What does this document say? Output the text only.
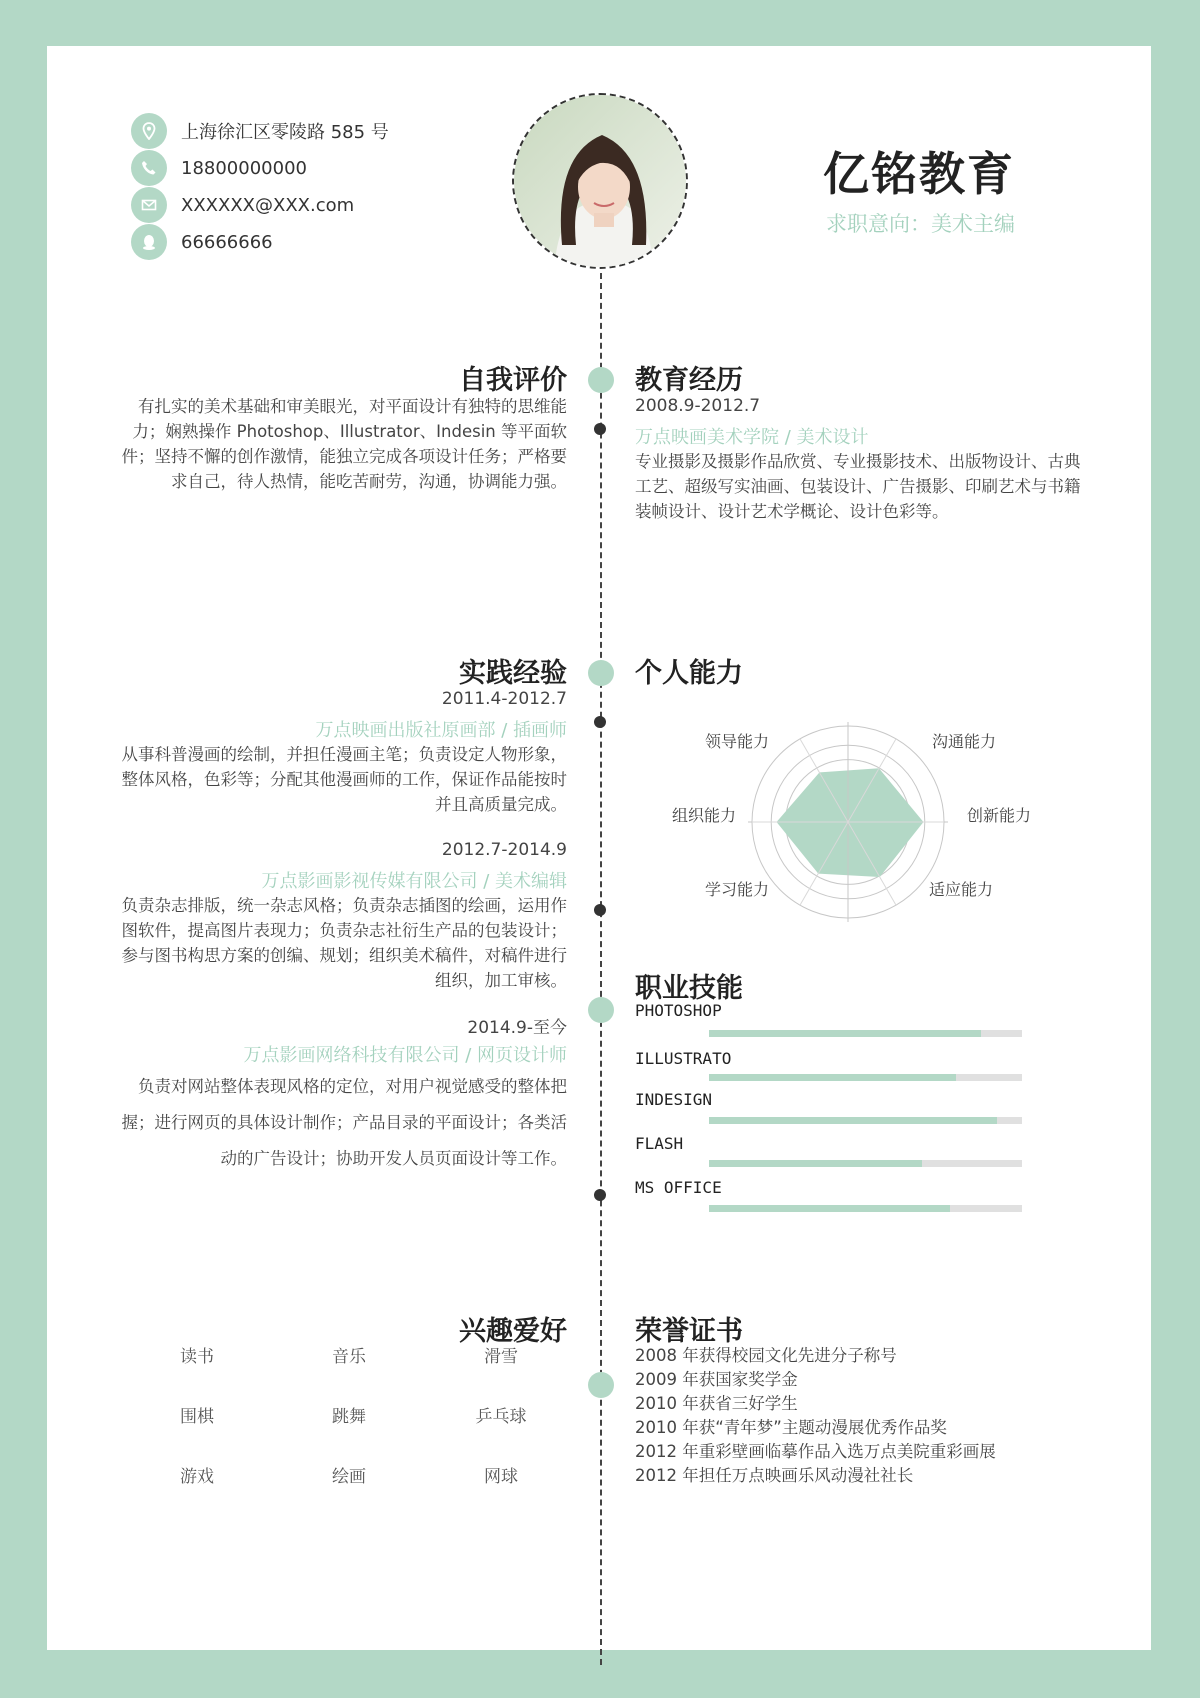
上海徐汇区零陵路 585 号
18800000000
XXXXXX@XXX.com
66666666
亿铭教育
求职意向：美术主编
自我评价
有扎实的美术基础和审美眼光，对平面设计有独特的思维能
力；娴熟操作 Photoshop、Illustrator、Indesin 等平面软
件；坚持不懈的创作激情，能独立完成各项设计任务；严格要
求自己，待人热情，能吃苦耐劳，沟通，协调能力强。
教育经历
2008.9-2012.7
万点映画美术学院 / 美术设计
专业摄影及摄影作品欣赏、专业摄影技术、出版物设计、古典
工艺、超级写实油画、包装设计、广告摄影、印刷艺术与书籍
装帧设计、设计艺术学概论、设计色彩等。
实践经验
2011.4-2012.7
万点映画出版社原画部 / 插画师
从事科普漫画的绘制，并担任漫画主笔；负责设定人物形象，
整体风格，色彩等；分配其他漫画师的工作，保证作品能按时
并且高质量完成。
2012.7-2014.9
万点影画影视传媒有限公司 / 美术编辑
负责杂志排版，统一杂志风格；负责杂志插图的绘画，运用作
图软件，提高图片表现力；负责杂志社衍生产品的包装设计；
参与图书构思方案的创编、规划；组织美术稿件，对稿件进行
组织，加工审核。
2014.9-至今
万点影画网络科技有限公司 / 网页设计师
负责对网站整体表现风格的定位，对用户视觉感受的整体把
握；进行网页的具体设计制作；产品目录的平面设计；各类活
动的广告设计；协助开发人员页面设计等工作。
个人能力
领导能力	沟通能力
创新能力
适应能力
学习能力
组织能力
职业技能
PHOTOSHOP
ILLUSTRATO
INDESIGN
FLASH
MS OFFICE
兴趣爱好
读书	音乐	滑雪
围棋	跳舞	乒乓球
游戏	绘画	网球
荣誉证书
2008 年获得校园文化先进分子称号
2009 年获国家奖学金
2010 年获省三好学生
2010 年获“青年梦”主题动漫展优秀作品奖
2012 年重彩壁画临摹作品入选万点美院重彩画展
2012 年担任万点映画乐风动漫社社长
